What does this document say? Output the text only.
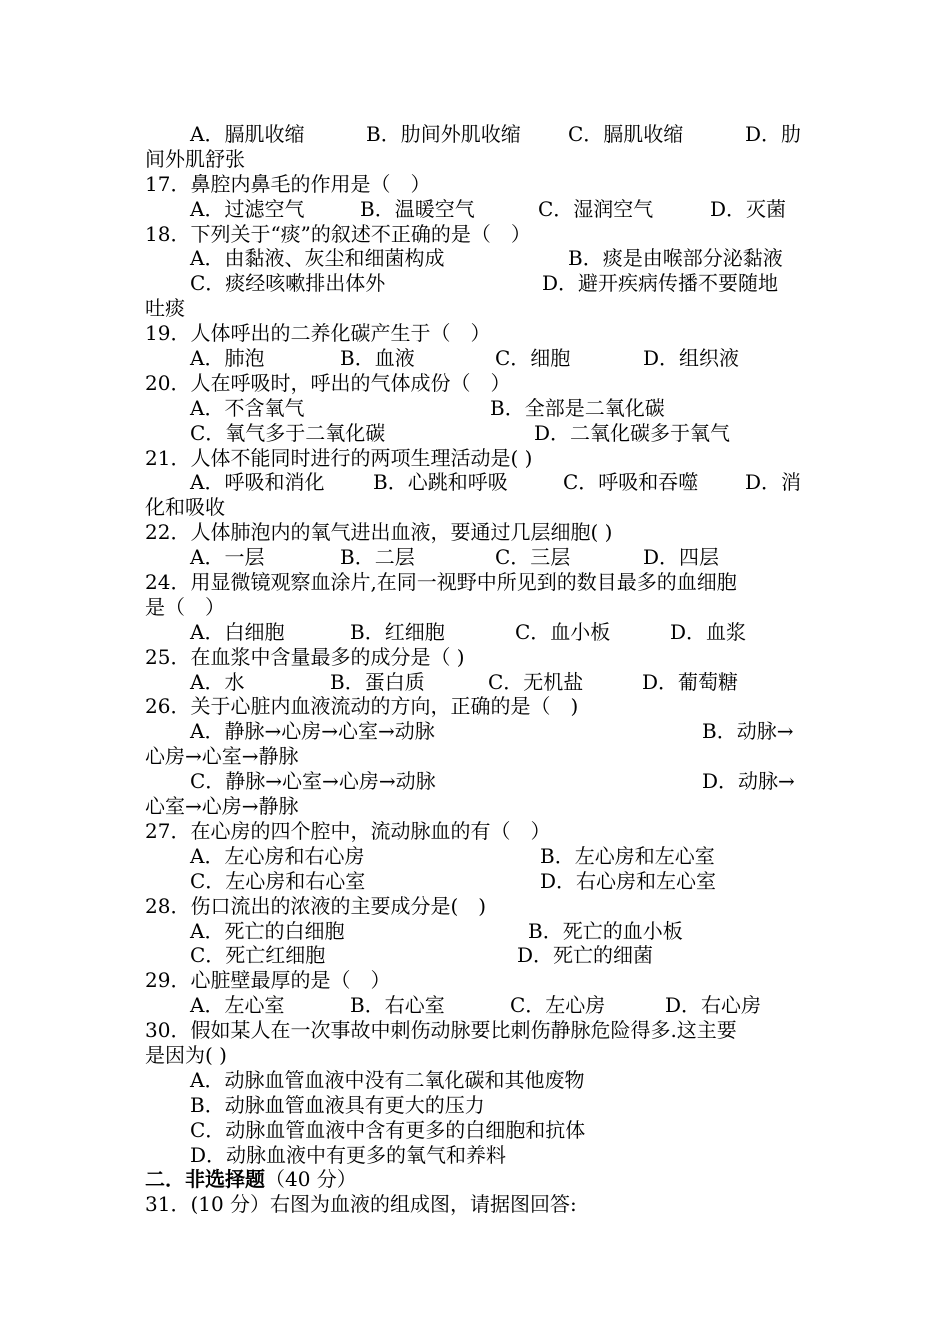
A．膈肌收缩	B．肋间外肌收缩 C．膈肌收缩	D．肋
间外肌舒张
17．鼻腔内鼻毛的作用是（　）
A．过滤空气	B．温暖空气	C．湿润空气	D．灭菌
18．下列关于“痰”的叙述不正确的是（　）
A．由黏液、灰尘和细菌构成	B．痰是由喉部分泌黏液
C．痰经咳嗽排出体外	D．避开疾病传播不要随地
吐痰
19．人体呼出的二养化碳产生于（　）
A．肺泡	B．血液	C．细胞	D．组织液
20．人在呼吸时，呼出的气体成份（　）
A．不含氧气	B．全部是二氧化碳
C．氧气多于二氧化碳	D．二氧化碳多于氧气
21．人体不能同时进行的两项生理活动是( )
A．呼吸和消化 B．心跳和呼吸	C．呼吸和吞噬 D．消
化和吸收
22．人体肺泡内的氧气进出血液，要通过几层细胞( )
A．一层	B．二层	C．三层	D．四层
24．用显微镜观察血涂片,在同一视野中所见到的数目最多的血细胞
是（　）
A．白细胞	B．红细胞	C．血小板	D．血浆
25．在血浆中含量最多的成分是（ )
A．水	B．蛋白质	C．无机盐	D．葡萄糖
26．关于心脏内血液流动的方向，正确的是（　)
A．静脉→心房→心室→动脉	B．动脉→
心房→心室→静脉
C．静脉→心室→心房→动脉	D．动脉→
心室→心房→静脉
27．在心房的四个腔中，流动脉血的有（　）
A．左心房和右心房	B．左心房和左心室
C．左心房和右心室	D．右心房和左心室
28．伤口流出的浓液的主要成分是(　)
A．死亡的白细胞	B．死亡的血小板
C．死亡红细胞	D．死亡的细菌
29．心脏壁最厚的是（　）
A．左心室	B．右心室	C．左心房	D．右心房
30．假如某人在一次事故中刺伤动脉要比刺伤静脉危险得多.这主要
是因为( )
A．动脉血管血液中没有二氧化碳和其他废物
B．动脉血管血液具有更大的压力
C．动脉血管血液中含有更多的白细胞和抗体
D．动脉血液中有更多的氧气和养料
二．非选择题（40 分）
31．(10 分）右图为血液的组成图，请据图回答:
